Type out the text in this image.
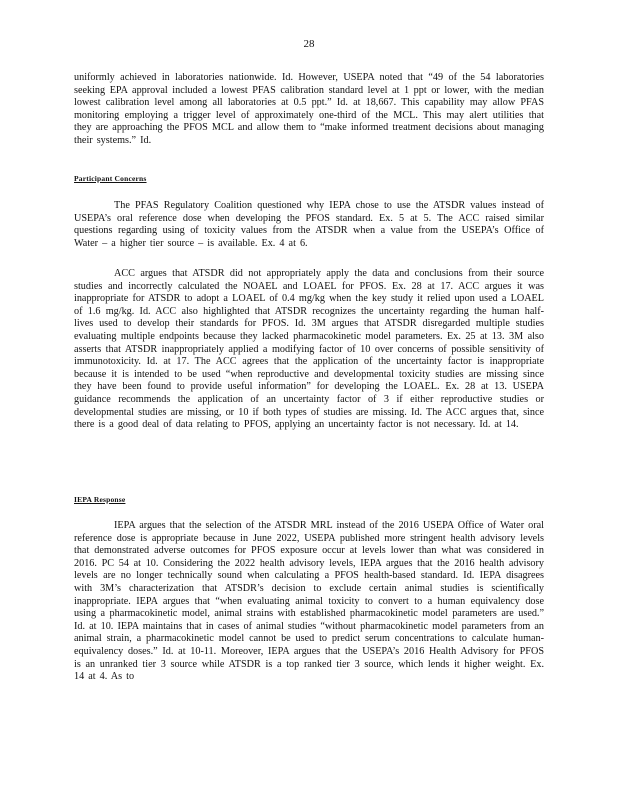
28
uniformly achieved in laboratories nationwide. Id. However, USEPA noted that “49 of the 54 laboratories seeking EPA approval included a lowest PFAS calibration standard level at 1 ppt or lower, with the median lowest calibration level among all laboratories at 0.5 ppt.” Id. at 18,667. This capability may allow PFAS monitoring employing a trigger level of approximately one-third of the MCL. This may alert utilities that they are approaching the PFOS MCL and allow them to “make informed treatment decisions about managing their systems.” Id.
Participant Concerns
The PFAS Regulatory Coalition questioned why IEPA chose to use the ATSDR values instead of USEPA’s oral reference dose when developing the PFOS standard. Ex. 5 at 5. The ACC raised similar questions regarding using of toxicity values from the ATSDR when a value from the USEPA’s Office of Water – a higher tier source – is available. Ex. 4 at 6.
ACC argues that ATSDR did not appropriately apply the data and conclusions from their source studies and incorrectly calculated the NOAEL and LOAEL for PFOS. Ex. 28 at 17. ACC argues it was inappropriate for ATSDR to adopt a LOAEL of 0.4 mg/kg when the key study it relied upon used a LOAEL of 1.6 mg/kg. Id. ACC also highlighted that ATSDR recognizes the uncertainty regarding the human half-lives used to develop their standards for PFOS. Id. 3M argues that ATSDR disregarded multiple studies evaluating multiple endpoints because they lacked pharmacokinetic model parameters. Ex. 25 at 13. 3M also asserts that ATSDR inappropriately applied a modifying factor of 10 over concerns of possible sensitivity of immunotoxicity. Id. at 17. The ACC agrees that the application of the uncertainty factor is inappropriate because it is intended to be used “when reproductive and developmental toxicity studies are missing since they have been found to provide useful information” for developing the LOAEL. Ex. 28 at 13. USEPA guidance recommends the application of an uncertainty factor of 3 if either reproductive studies or developmental studies are missing, or 10 if both types of studies are missing. Id. The ACC argues that, since there is a good deal of data relating to PFOS, applying an uncertainty factor is not necessary. Id. at 14.
IEPA Response
IEPA argues that the selection of the ATSDR MRL instead of the 2016 USEPA Office of Water oral reference dose is appropriate because in June 2022, USEPA published more stringent health advisory levels that demonstrated adverse outcomes for PFOS exposure occur at levels lower than what was considered in 2016. PC 54 at 10. Considering the 2022 health advisory levels, IEPA argues that the 2016 health advisory levels are no longer technically sound when calculating a PFOS health-based standard. Id. IEPA disagrees with 3M’s characterization that ATSDR’s decision to exclude certain animal studies is scientifically inappropriate. IEPA argues that “when evaluating animal toxicity to convert to a human equivalency dose using a pharmacokinetic model, animal strains with established pharmacokinetic model parameters are used.” Id. at 10. IEPA maintains that in cases of animal studies “without pharmacokinetic model parameters from an animal strain, a pharmacokinetic model cannot be used to predict serum concentrations to calculate human-equivalency doses.” Id. at 10-11. Moreover, IEPA argues that the USEPA’s 2016 Health Advisory for PFOS is an unranked tier 3 source while ATSDR is a top ranked tier 3 source, which lends it higher weight. Ex. 14 at 4. As to
